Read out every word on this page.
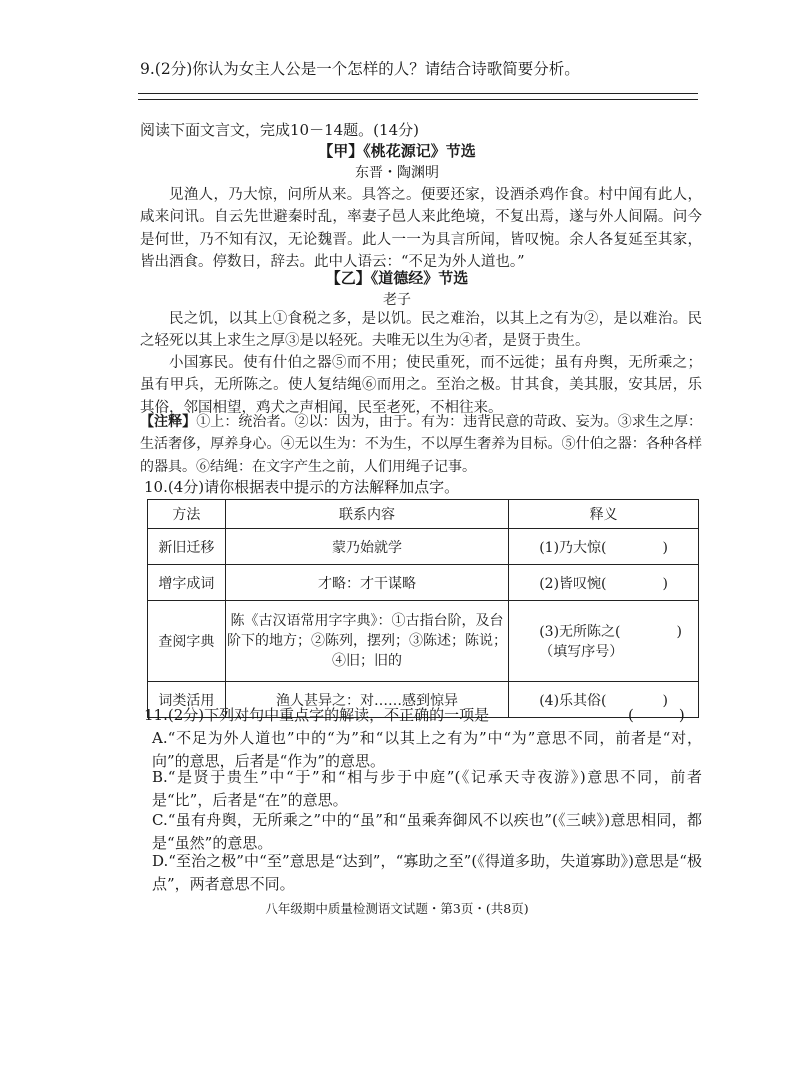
9.(2分)你认为女主人公是一个怎样的人？请结合诗歌简要分析。
阅读下面文言文，完成10－14题。(14分)
【甲】《桃花源记》节选
东晋・陶渊明
见渔人，乃大惊，问所从来。具答之。便要还家，设酒杀鸡作食。村中闻有此人，咸来问讯。自云先世避秦时乱，率妻子邑人来此绝境，不复出焉，遂与外人间隔。问今是何世，乃不知有汉，无论魏晋。此人一一为具言所闻，皆叹惋。余人各复延至其家，皆出酒食。停数日，辞去。此中人语云：“不足为外人道也。”
【乙】《道德经》节选
老子
民之饥，以其上①食税之多，是以饥。民之难治，以其上之有为②，是以难治。民之轻死以其上求生之厚③是以轻死。夫唯无以生为④者，是贤于贵生。
小国寡民。使有什伯之器⑤而不用；使民重死，而不远徙；虽有舟舆，无所乘之；虽有甲兵，无所陈之。使人复结绳⑥而用之。至治之极。甘其食，美其服，安其居，乐其俗，邻国相望，鸡犬之声相闻，民至老死，不相往来。
【注释】①上：统治者。②以：因为，由于。有为：违背民意的苛政、妄为。③求生之厚：生活奢侈，厚养身心。④无以生为：不为生，不以厚生奢养为目标。⑤什伯之器：各种各样的器具。⑥结绳：在文字产生之前，人们用绳子记事。
10.(4分)请你根据表中提示的方法解释加点字。
方法	联系内容	释义
新旧迁移	蒙乃始就学	(1)乃大惊(　　　　)
增字成词	才略：才干谋略	(2)皆叹惋(　　　　)
查阅字典	陈《古汉语常用字字典》：①古指台阶，及台阶下的地方；②陈列，摆列；③陈述；陈说；④旧；旧的	(3)无所陈之(　　　　)（填写序号）
词类活用	渔人甚异之：对……感到惊异	(4)乐其俗(　　　　)
11.(2分)下列对句中重点字的解读，不正确的一项是	(　　　)
A.“不足为外人道也”中的“为”和“以其上之有为”中“为”意思不同，前者是“对，向”的意思，后者是“作为”的意思。
B.“是贤于贵生”中“于”和“相与步于中庭”(《记承天寺夜游》)意思不同，前者是“比”，后者是“在”的意思。
C.“虽有舟舆，无所乘之”中的“虽”和“虽乘奔御风不以疾也”(《三峡》)意思相同，都是“虽然”的意思。
D.“至治之极”中“至”意思是“达到”，“寡助之至”(《得道多助，失道寡助》)意思是“极点”，两者意思不同。
八年级期中质量检测语文试题・第3页・(共8页)
